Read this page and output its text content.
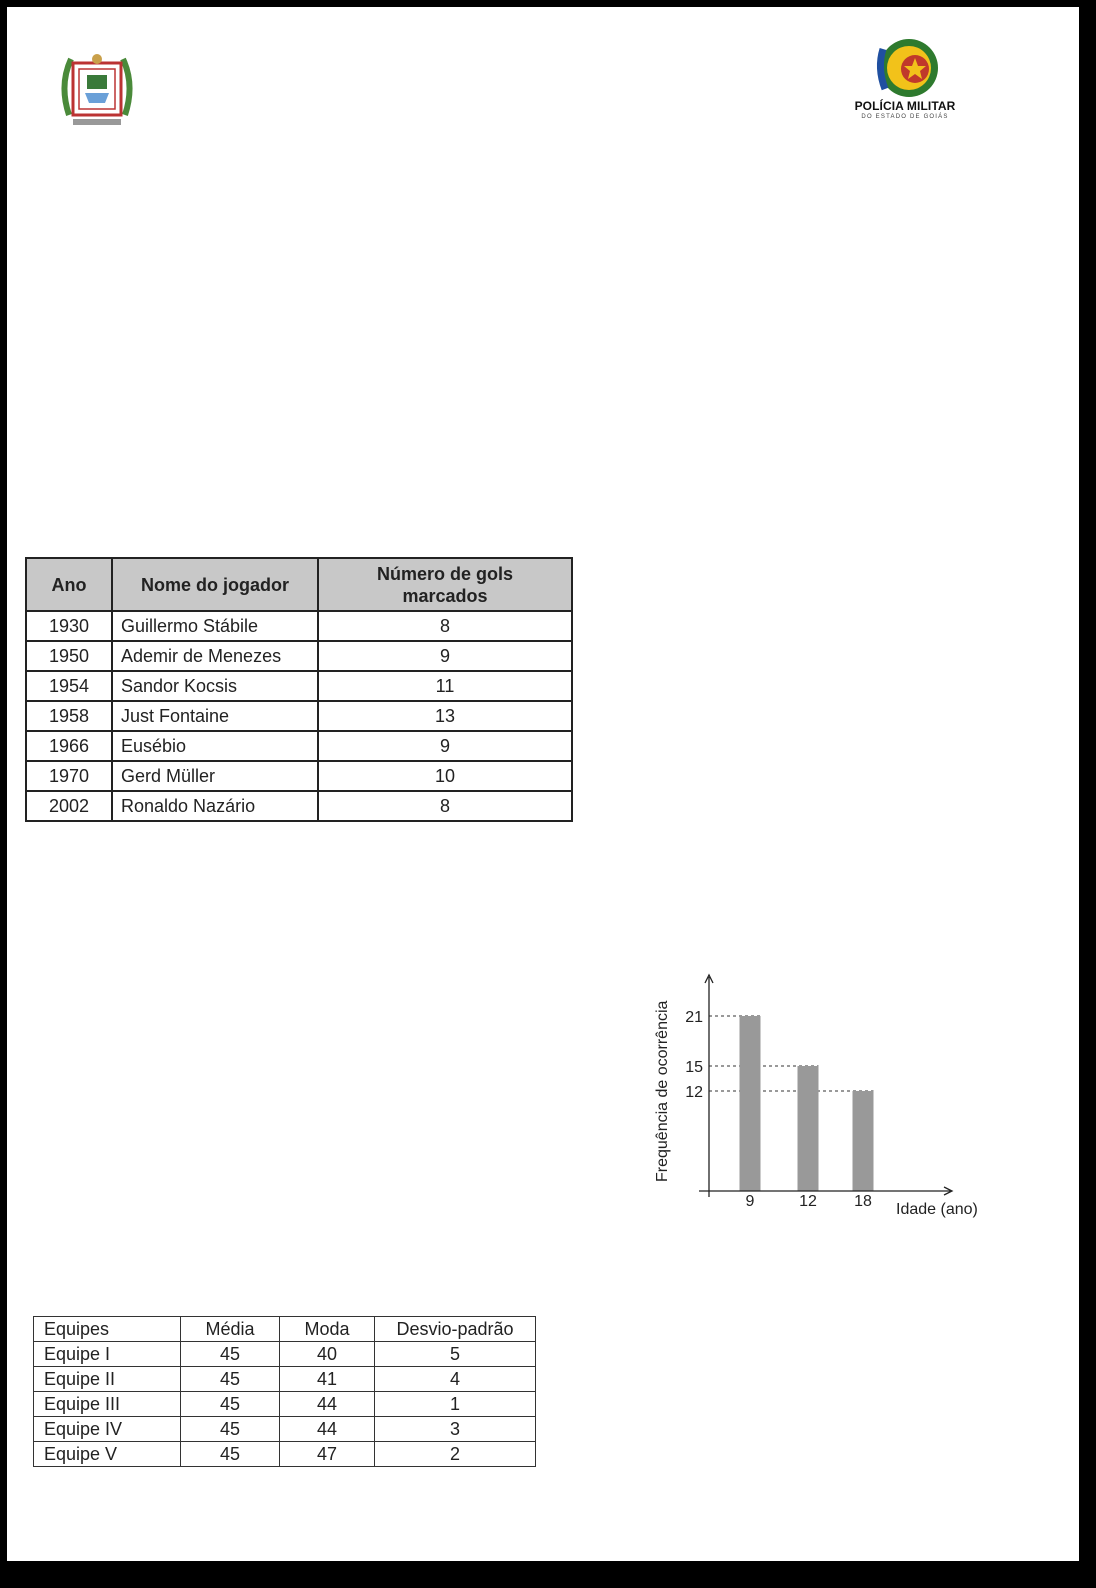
POLÍCIA MILITAR
DO ESTADO DE GOIÁS
Ano	Nome do jogador	Número de gols marcados
1930	Guillermo Stábile	8
1950	Ademir de Menezes	9
1954	Sandor Kocsis	11
1958	Just Fontaine	13
1966	Eusébio	9
1970	Gerd Müller	10
2002	Ronaldo Nazário	8
12
15
21
9	12 18 Idade (ano)
Frequência de ocorrência
Equipes	Média	Moda	Desvio-padrão
Equipe I	45	40	5
Equipe II	45	41	4
Equipe III	45	44	1
Equipe IV	45	44	3
Equipe V	45	47	2
